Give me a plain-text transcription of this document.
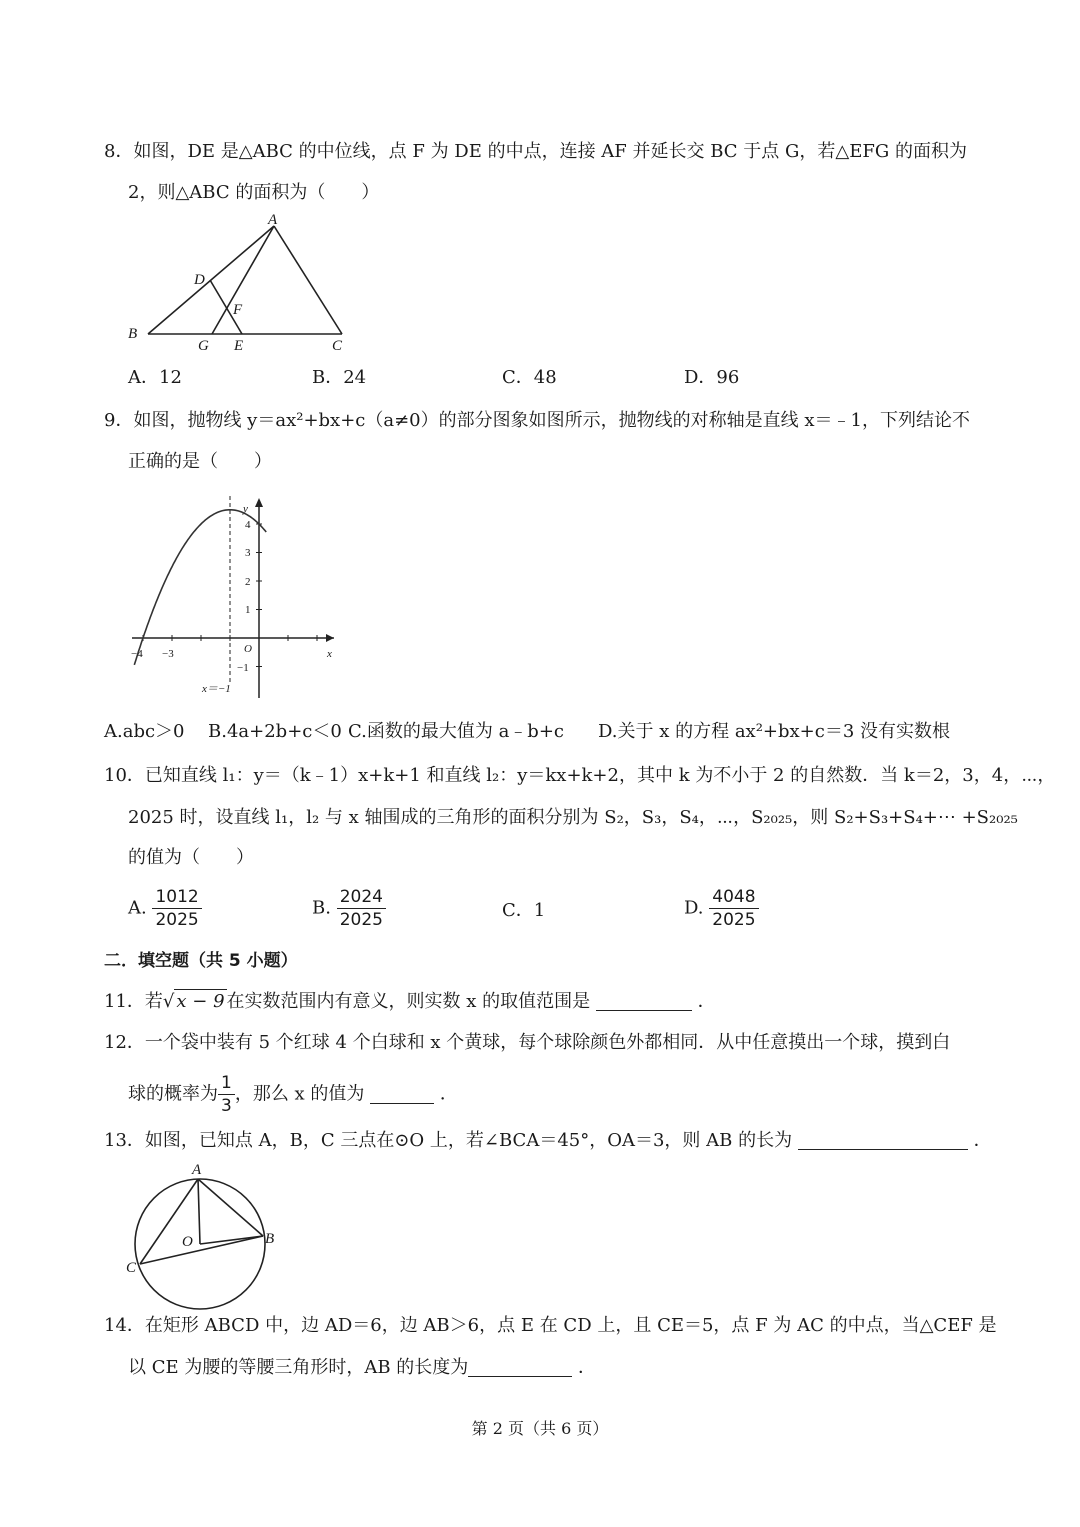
8．如图，DE 是△ABC 的中位线，点 F 为 DE 的中点，连接 AF 并延长交 BC 于点 G，若△EFG 的面积为
2，则△ABC 的面积为（　　）
A
B
C
D
E
F
G
A．12	B．24	C．48	D．96
9．如图，抛物线 y＝ax²+bx+c（a≠0）的部分图象如图所示，抛物线的对称轴是直线 x＝﹣1，下列结论不
正确的是（　　）
y
x
O
4
3
2
1
−1
−4 −3
x＝−1
A.abc＞0 B.4a+2b+c＜0 C.函数的最大值为 a﹣b+c D.关于 x 的方程 ax²+bx+c＝3 没有实数根
10．已知直线 l₁：y＝（k﹣1）x+k+1 和直线 l₂：y＝kx+k+2，其中 k 为不小于 2 的自然数．当 k＝2，3，4，⋯，
2025 时，设直线 l₁，l₂ 与 x 轴围成的三角形的面积分别为 S₂，S₃，S₄，⋯，S₂₀₂₅，则 S₂+S₃+S₄+⋯ +S₂₀₂₅
的值为（　　）
A. $\frac{1012}{2025}$	B. $\frac{2024}{2025}$	C．1	D. $\frac{4048}{2025}$
二．填空题（共 5 小题）
11．若√ x − 9 在实数范围内有意义，则实数 x 的取值范围是	．
12．一个袋中装有 5 个红球 4 个白球和 x 个黄球，每个球除颜色外都相同．从中任意摸出一个球，摸到白
球的概率为 $\frac{1}{3}$ ，那么 x 的值为	．
13．如图，已知点 A，B，C 三点在⊙O 上，若∠BCA＝45°，OA＝3，则 AB 的长为	．
A
B
C
O
14．在矩形 ABCD 中，边 AD＝6，边 AB＞6，点 E 在 CD 上，且 CE＝5，点 F 为 AC 的中点，当△CEF 是
以 CE 为腰的等腰三角形时，AB 的长度为	．
第 2 页（共 6 页）
